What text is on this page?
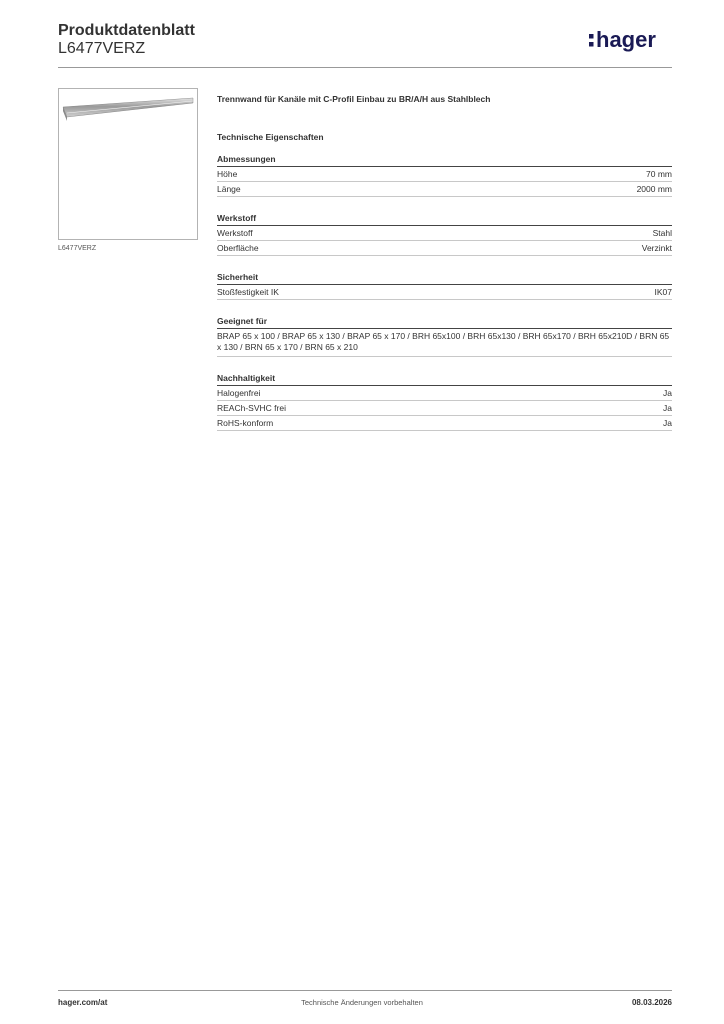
Produktdatenblatt
L6477VERZ	hager
L6477VERZ
Trennwand für Kanäle mit C-Profil Einbau zu BR/A/H aus Stahlblech
Technische Eigenschaften
Abmessungen
Höhe	70 mm
Länge	2000 mm
Werkstoff
Werkstoff	Stahl
Oberfläche	Verzinkt
Sicherheit
Stoßfestigkeit IK	IK07
Geeignet für
BRAP 65 x 100 / BRAP 65 x 130 / BRAP 65 x 170 / BRH 65x100 / BRH 65x130 / BRH 65x170 / BRH 65x210D / BRN 65 x 130 / BRN 65 x 170 / BRN 65 x 210
Nachhaltigkeit
Halogenfrei	Ja
REACh-SVHC frei	Ja
RoHS-konform	Ja
hager.com/at	Technische Änderungen vorbehalten	08.03.2026
